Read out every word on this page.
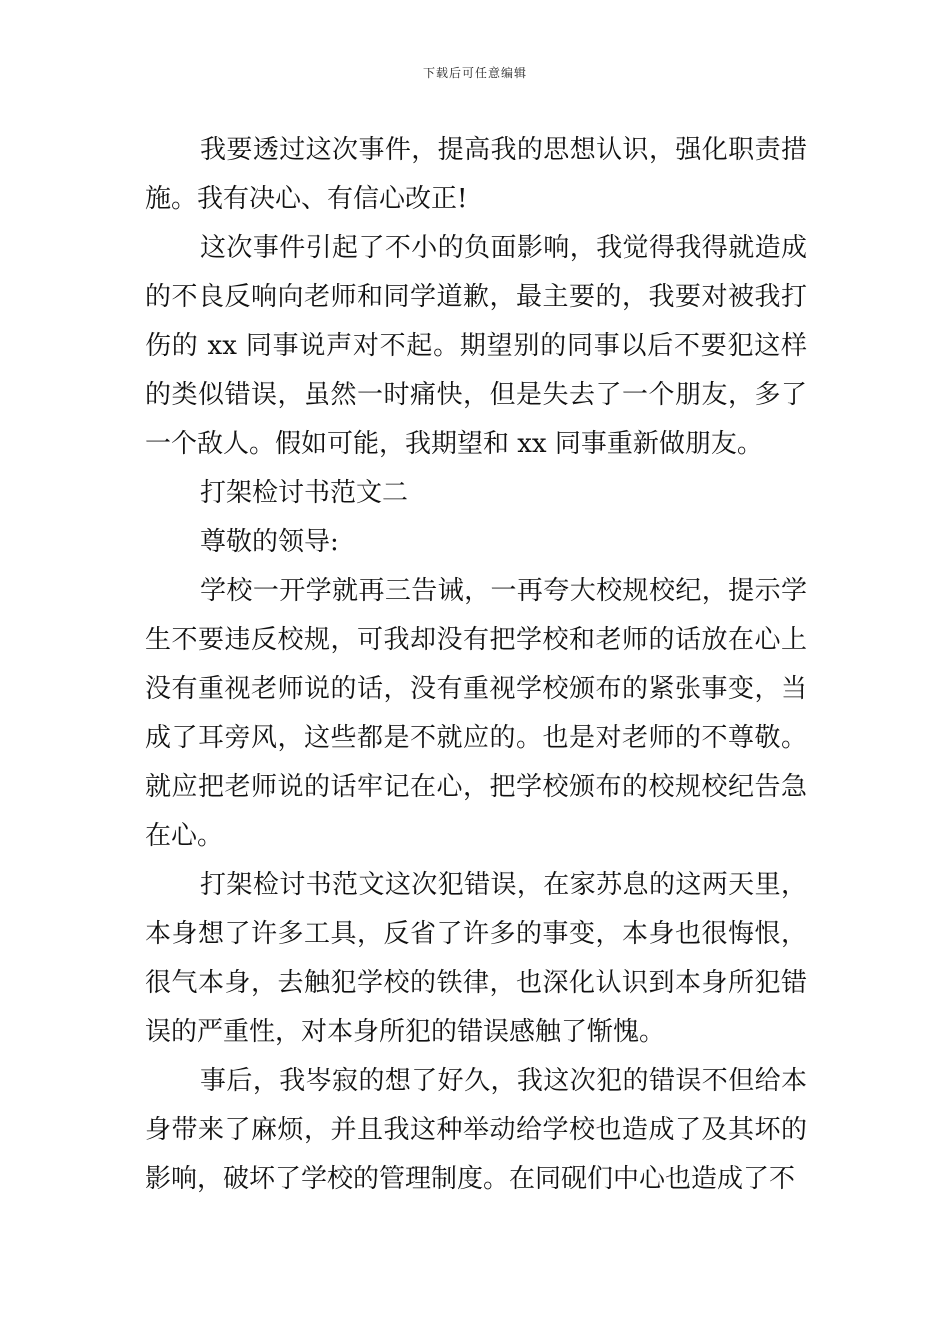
下载后可任意编辑

我要透过这次事件，提高我的思想认识，强化职责措施。我有决心、有信心改正!

这次事件引起了不小的负面影响，我觉得我得就造成的不良反响向老师和同学道歉，最主要的，我要对被我打伤的 xx 同事说声对不起。期望别的同事以后不要犯这样的类似错误，虽然一时痛快，但是失去了一个朋友，多了一个敌人。假如可能，我期望和 xx 同事重新做朋友。

打架检讨书范文二

尊敬的领导:

学校一开学就再三告诫，一再夸大校规校纪，提示学生不要违反校规，可我却没有把学校和老师的话放在心上没有重视老师说的话，没有重视学校颁布的紧张事变，当成了耳旁风，这些都是不就应的。也是对老师的不尊敬。就应把老师说的话牢记在心，把学校颁布的校规校纪告急在心。

打架检讨书范文这次犯错误，在家苏息的这两天里，本身想了许多工具，反省了许多的事变，本身也很悔恨，很气本身，去触犯学校的铁律，也深化认识到本身所犯错误的严重性，对本身所犯的错误感触了惭愧。

事后，我岑寂的想了好久，我这次犯的错误不但给本身带来了麻烦，并且我这种举动给学校也造成了及其坏的影响，破坏了学校的管理制度。在同砚们中心也造成了不
